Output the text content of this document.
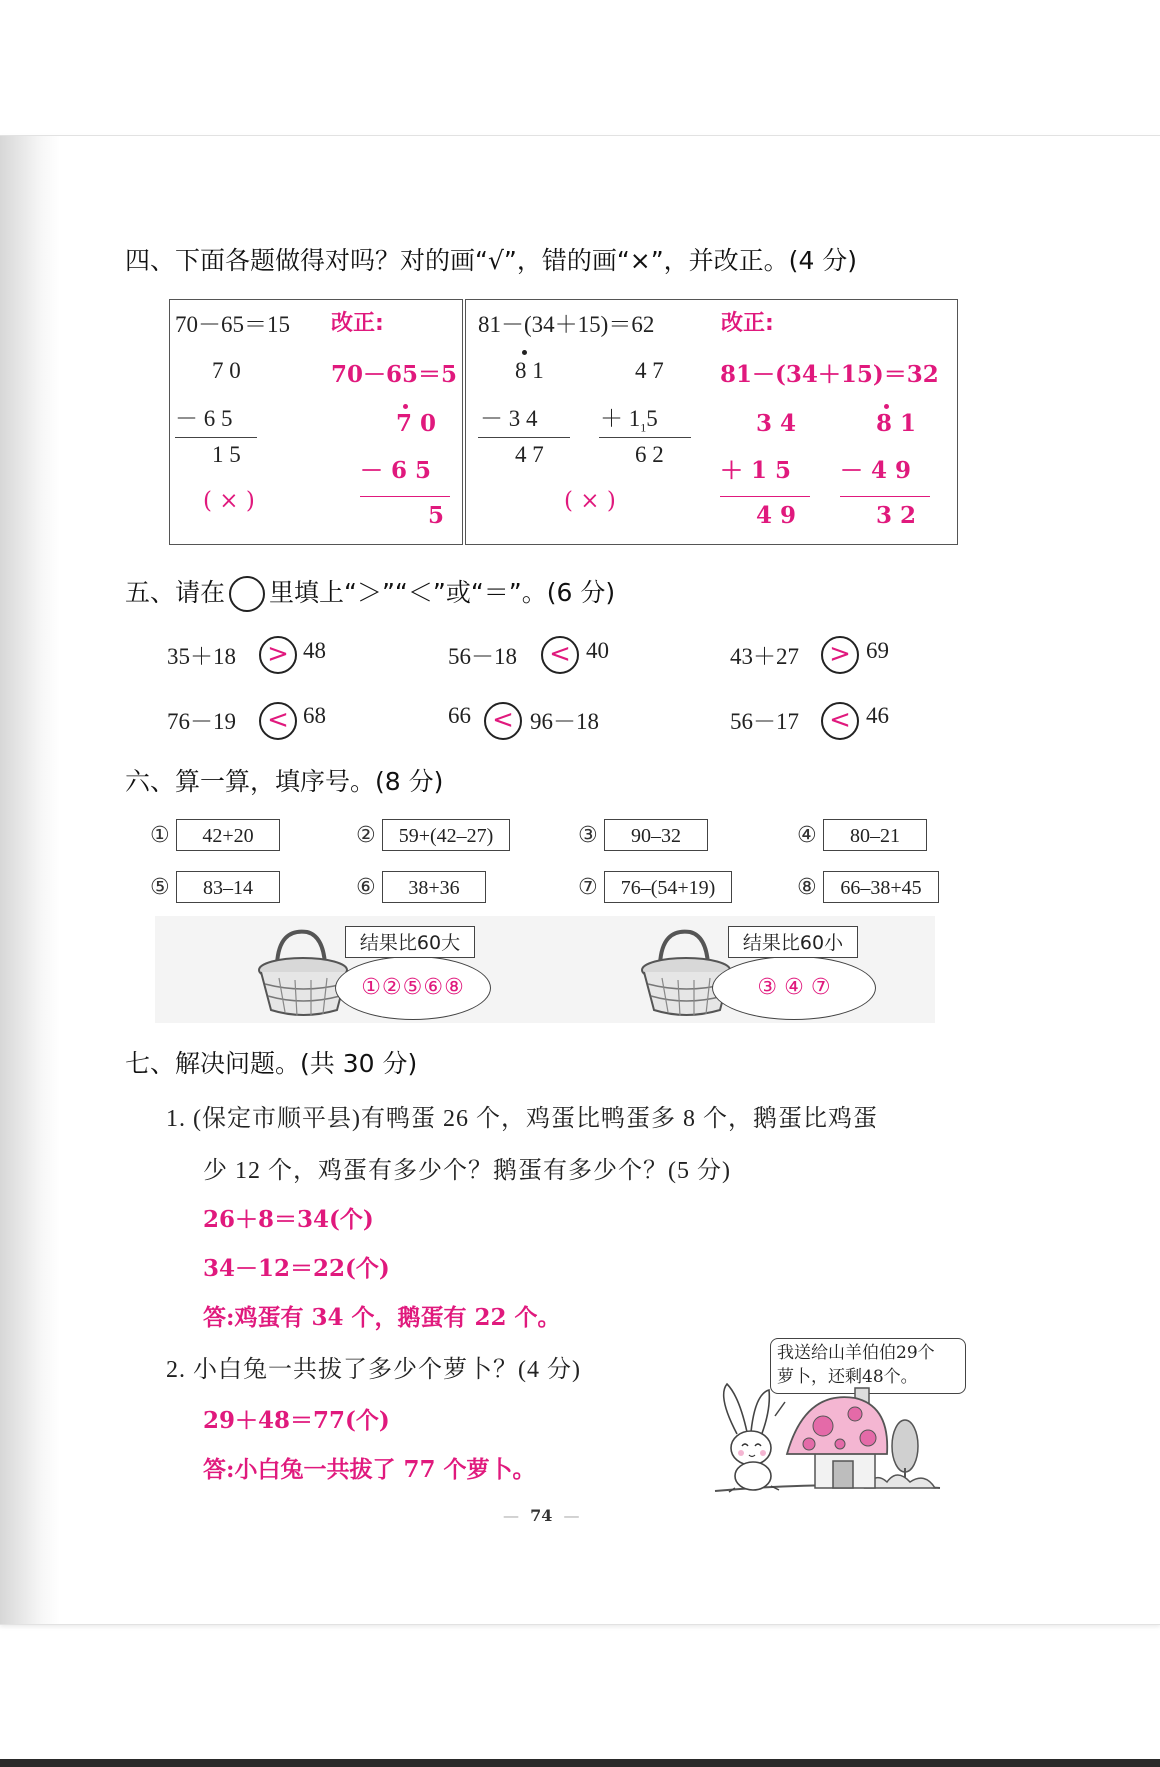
四、下面各题做得对吗？对的画“√”，错的画“×”，并改正。(4 分)
70－65＝15 改正:
7 0
－ 6 5
1 5
( × )
70－65＝5
7 0
－ 6 5
5
81－(34＋15)＝62	改正:
8 1
－ 3 4
4 7
4 7
＋ $1_15$
6 2
( × )
81－(34＋15)＝32
3 4
＋ 1 5
4 9
8 1
－ 4 9
3 2
五、请在 里填上“＞”“＜”或“＝”。(6 分)
35＋18	> 48	56－18	< 40	43＋27	> 69
76－19	< 68	66 < 96－18	56－17	< 46
六、算一算，填序号。(8 分)
①	42+20	②	59+(42–27)	③	90–32	④	80–21
⑤	83–14	⑥	38+36	⑦	76–(54+19)	⑧	66–38+45
①②⑤⑥⑧
结果比60大
③ ④ ⑦
结果比60小
七、解决问题。(共 30 分)
1. (保定市顺平县)有鸭蛋 26 个，鸡蛋比鸭蛋多 8 个，鹅蛋比鸡蛋
少 12 个，鸡蛋有多少个？鹅蛋有多少个？(5 分)
26＋8＝34(个)
34－12＝22(个)
答:鸡蛋有 34 个，鹅蛋有 22 个。
2. 小白兔一共拔了多少个萝卜？(4 分)
29＋48＝77(个)
答:小白兔一共拔了 77 个萝卜。
我送给山羊伯伯29个
萝卜，还剩48个。
— 74 —
